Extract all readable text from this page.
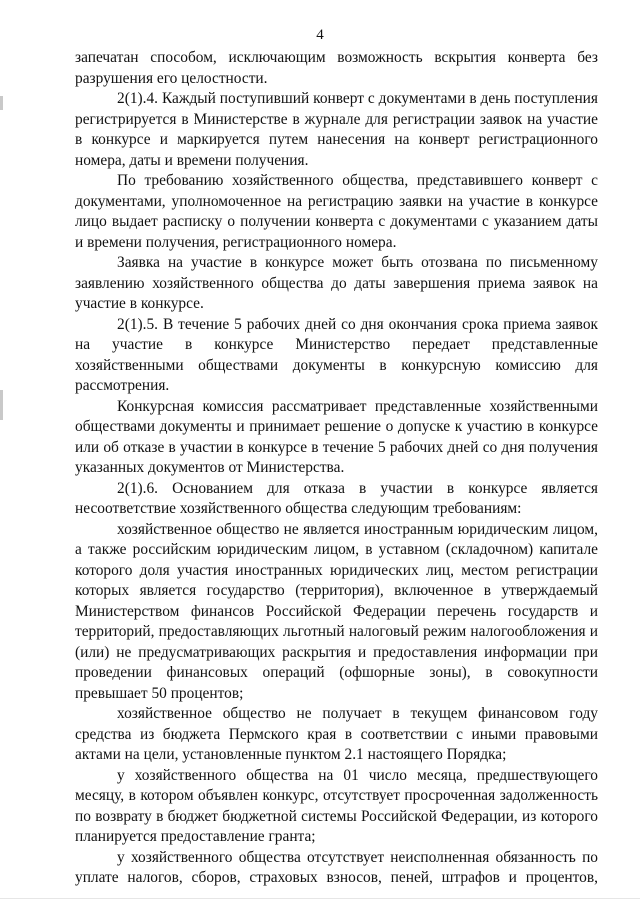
4

запечатан способом, исключающим возможность вскрытия конверта без разрушения его целостности.

2(1).4. Каждый поступивший конверт с документами в день поступления регистрируется в Министерстве в журнале для регистрации заявок на участие в конкурсе и маркируется путем нанесения на конверт регистрационного номера, даты и времени получения.

По требованию хозяйственного общества, представившего конверт с документами, уполномоченное на регистрацию заявки на участие в конкурсе лицо выдает расписку о получении конверта с документами с указанием даты и времени получения, регистрационного номера.

Заявка на участие в конкурсе может быть отозвана по письменному заявлению хозяйственного общества до даты завершения приема заявок на участие в конкурсе.

2(1).5. В течение 5 рабочих дней со дня окончания срока приема заявок на участие в конкурсе Министерство передает представленные хозяйственными обществами документы в конкурсную комиссию для рассмотрения.

Конкурсная комиссия рассматривает представленные хозяйственными обществами документы и принимает решение о допуске к участию в конкурсе или об отказе в участии в конкурсе в течение 5 рабочих дней со дня получения указанных документов от Министерства.

2(1).6. Основанием для отказа в участии в конкурсе является несоответствие хозяйственного общества следующим требованиям:

хозяйственное общество не является иностранным юридическим лицом, а также российским юридическим лицом, в уставном (складочном) капитале которого доля участия иностранных юридических лиц, местом регистрации которых является государство (территория), включенное в утверждаемый Министерством финансов Российской Федерации перечень государств и территорий, предоставляющих льготный налоговый режим налогообложения и (или) не предусматривающих раскрытия и предоставления информации при проведении финансовых операций (офшорные зоны), в совокупности превышает 50 процентов;

хозяйственное общество не получает в текущем финансовом году средства из бюджета Пермского края в соответствии с иными правовыми актами на цели, установленные пунктом 2.1 настоящего Порядка;

у хозяйственного общества на 01 число месяца, предшествующего месяцу, в котором объявлен конкурс, отсутствует просроченная задолженность по возврату в бюджет бюджетной системы Российской Федерации, из которого планируется предоставление гранта;

у хозяйственного общества отсутствует неисполненная обязанность по уплате налогов, сборов, страховых взносов, пеней, штрафов и процентов,
